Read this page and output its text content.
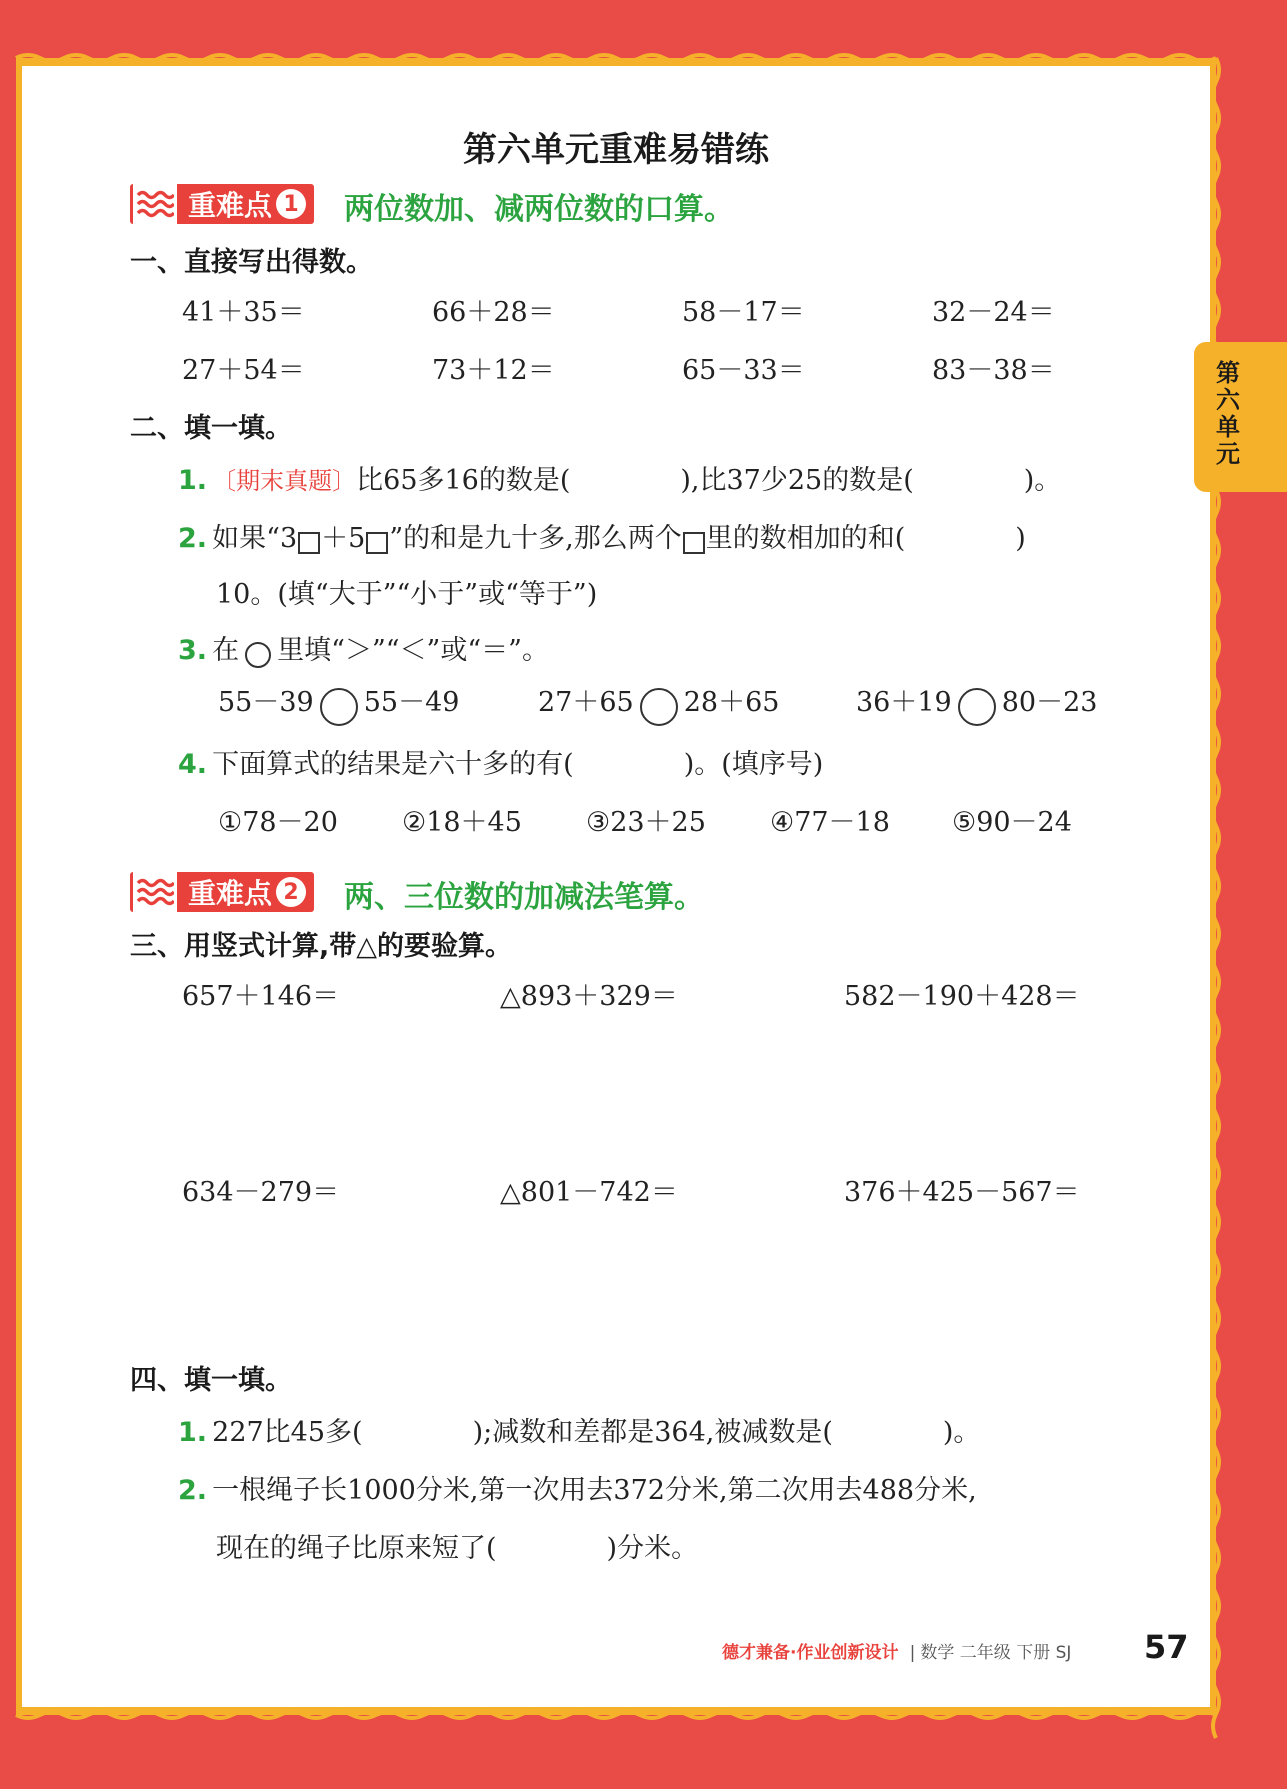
第六单元
第六单元重难易错练
重难点 1 两位数加、减两位数的口算。
一、直接写出得数。
41＋35＝	66＋28＝	58－17＝	32－24＝
27＋54＝	73＋12＝	65－33＝	83－38＝
二、填一填。
1. 〔期末真题〕比65多16的数是(	),比37少25的数是(	)。
2. 如果“3 ＋5 ”的和是九十多,那么两个 里的数相加的和(	)
10。(填“大于”“小于”或“等于”)
3. 在 里填“＞”“＜”或“＝”。
55－39 55－49	27＋65 28＋65	36＋19 80－23
4. 下面算式的结果是六十多的有(	)。(填序号)
①78－20 ②18＋45 ③23＋25 ④77－18 ⑤90－24
重难点 2 两、三位数的加减法笔算。
三、用竖式计算,带△的要验算。
657＋146＝	△893＋329＝	582－190＋428＝
634－279＝	△801－742＝	376＋425－567＝
四、填一填。
1. 227比45多(	);减数和差都是364,被减数是(	)。
2. 一根绳子长1000分米,第一次用去372分米,第二次用去488分米,
现在的绳子比原来短了(	)分米。
德才兼备·作业创新设计 | 数学 二年级 下册 SJ 57
